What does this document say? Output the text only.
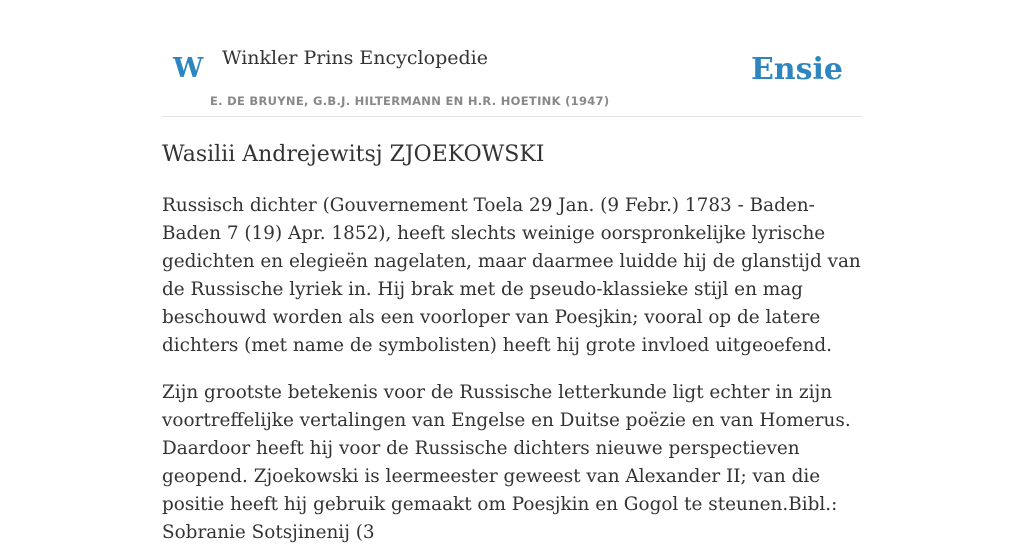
W Winkler Prins Encyclopedie
E. DE BRUYNE, G.B.J. HILTERMANN EN H.R. HOETINK (1947)
Ensie
Wasilii Andrejewitsj ZJOEKOWSKI

Russisch dichter (Gouvernement Toela 29 Jan. (9 Febr.) 1783 - Baden-Baden 7 (19) Apr. 1852), heeft slechts weinige oorspronkelijke lyrische gedichten en elegieën nagelaten, maar daarmee luidde hij de glanstijd van de Russische lyriek in. Hij brak met de pseudo-klassieke stijl en mag beschouwd worden als een voorloper van Poesjkin; vooral op de latere dichters (met name de symbolisten) heeft hij grote invloed uitgeoefend.

Zijn grootste betekenis voor de Russische letterkunde ligt echter in zijn voortreffelijke vertalingen van Engelse en Duitse poëzie en van Homerus. Daardoor heeft hij voor de Russische dichters nieuwe perspectieven geopend. Zjoekowski is leermeester geweest van Alexander II; van die positie heeft hij gebruik gemaakt om Poesjkin en Gogol te steunen.Bibl.: Sobranie Sotsjinenij (3
